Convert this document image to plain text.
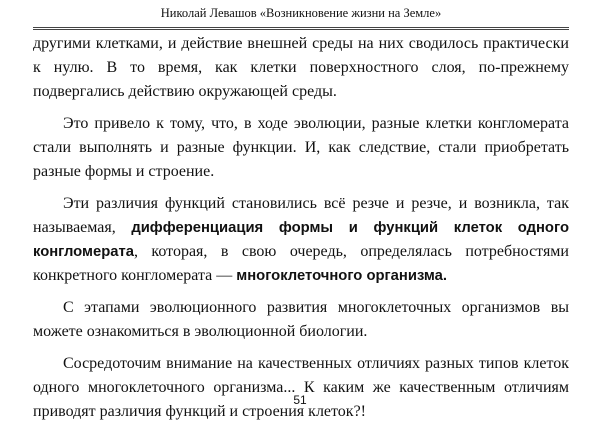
Николай Левашов «Возникновение жизни на Земле»

другими клетками, и действие внешней среды на них сводилось практически к нулю. В то время, как клетки поверхностного слоя, по-прежнему подвергались действию окружающей среды.

Это привело к тому, что, в ходе эволюции, разные клетки конгломерата стали выполнять и разные функции. И, как следствие, стали приобретать разные формы и строение.

Эти различия функций становились всё резче и резче, и возникла, так называемая, дифференциация формы и функций клеток одного конгломерата, которая, в свою очередь, определялась потребностями конкретного конгломерата — многоклеточного организма.

С этапами эволюционного развития многоклеточных организмов вы можете ознакомиться в эволюционной биологии.

Сосредоточим внимание на качественных отличиях разных типов клеток одного многоклеточного организма... К каким же качественным отличиям приводят различия функций и строения клеток?!

51
